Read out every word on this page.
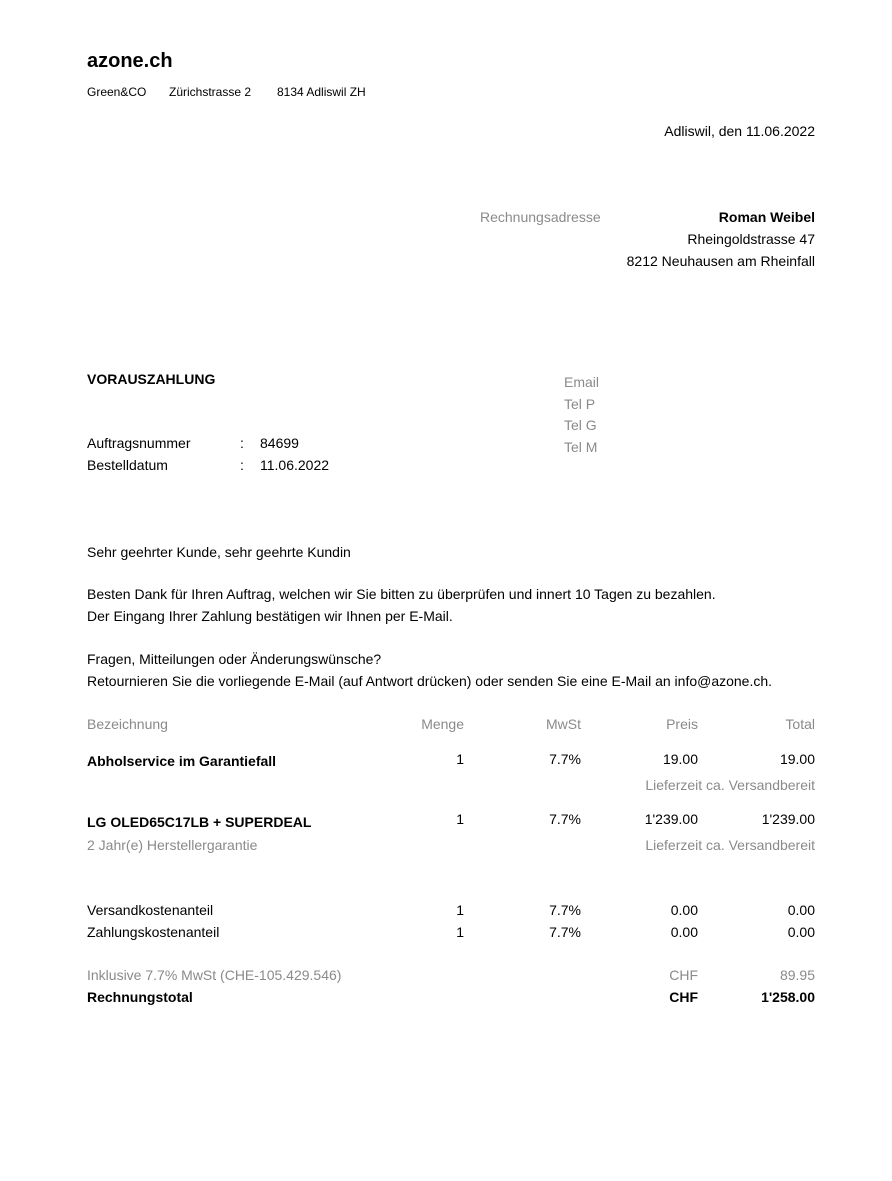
azone.ch
Green&CO Zürichstrasse 2 8134 Adliswil ZH
Adliswil, den 11.06.2022
Rechnungsadresse	Roman Weibel
Rheingoldstrasse 47
8212 Neuhausen am Rheinfall
VORAUSZAHLUNG	Email
Tel P
Tel G
Tel M
Auftragsnummer	: 84699
Bestelldatum	: 11.06.2022
Sehr geehrter Kunde, sehr geehrte Kundin
Besten Dank für Ihren Auftrag, welchen wir Sie bitten zu überprüfen und innert 10 Tagen zu bezahlen.
Der Eingang Ihrer Zahlung bestätigen wir Ihnen per E-Mail.
Fragen, Mitteilungen oder Änderungswünsche?
Retournieren Sie die vorliegende E-Mail (auf Antwort drücken) oder senden Sie eine E-Mail an info@azone.ch.
Bezeichnung	Menge	MwSt	Preis	Total
Abholservice im Garantiefall	1	7.7%	19.00	19.00
Lieferzeit ca. Versandbereit
LG OLED65C17LB + SUPERDEAL	1	7.7%	1'239.00	1'239.00
2 Jahr(e) Herstellergarantie	Lieferzeit ca. Versandbereit
Versandkostenanteil	1	7.7%	0.00	0.00
Zahlungskostenanteil	1	7.7%	0.00	0.00
Inklusive 7.7% MwSt (CHE-105.429.546)	CHF	89.95
Rechnungstotal	CHF	1'258.00
